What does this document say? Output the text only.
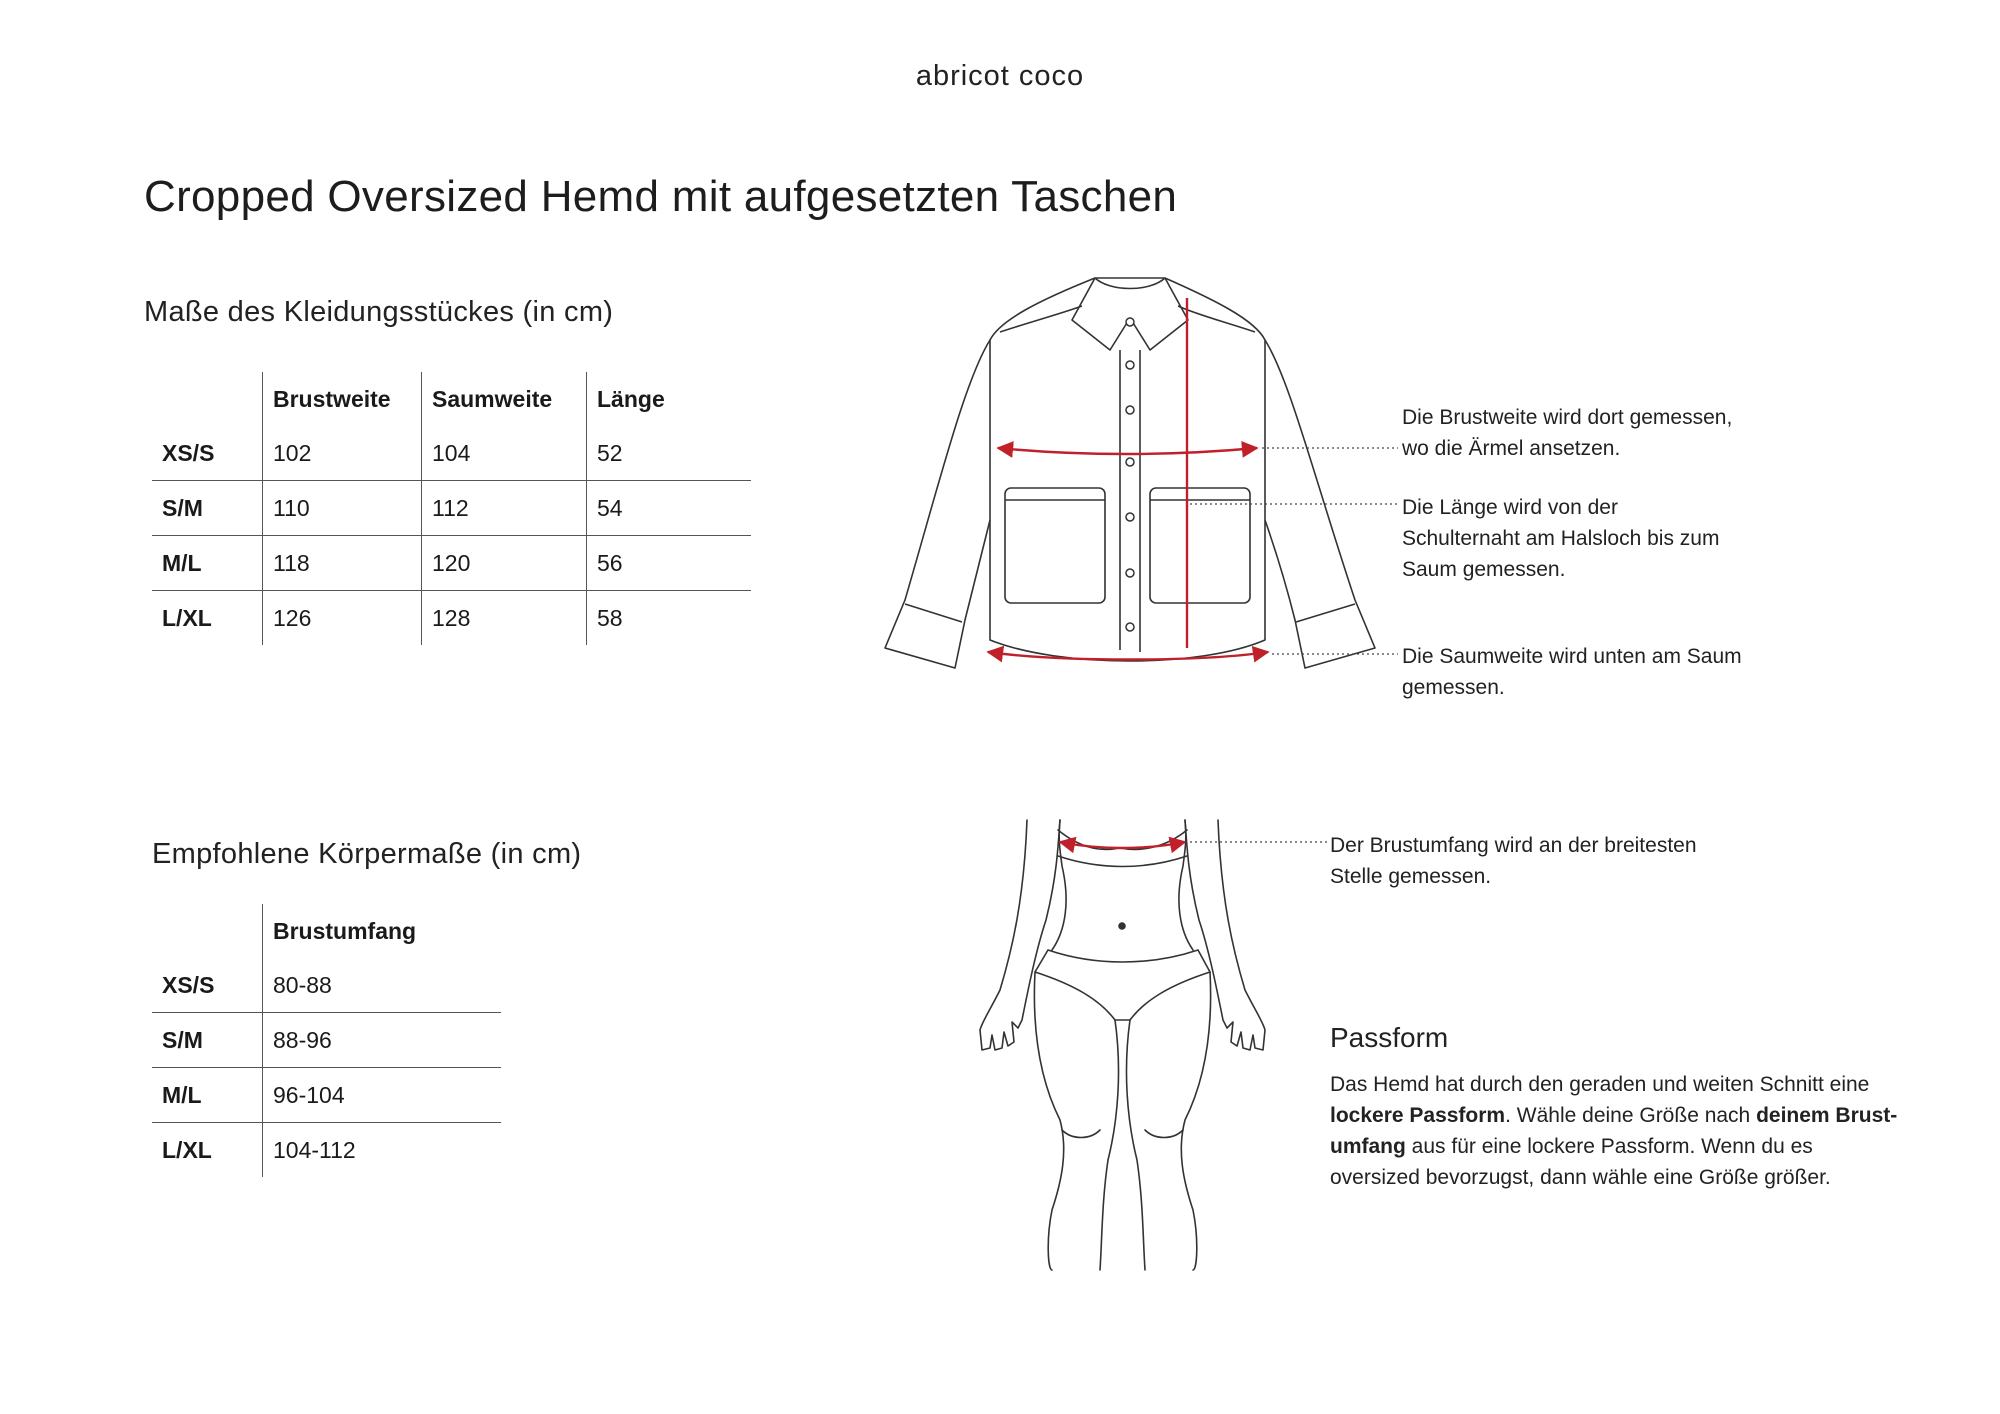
abricot coco
Cropped Oversized Hemd mit aufgesetzten Taschen
Maße des Kleidungsstückes (in cm)
	Brustweite	Saumweite	Länge
XS/S	102	104	52
S/M	110	112	54
M/L	118	120	56
L/XL	126	128	58
Empfohlene Körpermaße (in cm)
	Brustumfang
XS/S	80-88
S/M	88-96
M/L	96-104
L/XL	104-112
Die Brustweite wird dort gemessen,
wo die Ärmel ansetzen.
Die Länge wird von der
Schulternaht am Halsloch bis zum
Saum gemessen.
Die Saumweite wird unten am Saum
gemessen.
Der Brustumfang wird an der breitesten
Stelle gemessen.
Passform
Das Hemd hat durch den geraden und weiten Schnitt eine
lockere Passform. Wähle deine Größe nach deinem Brust-
umfang aus für eine lockere Passform. Wenn du es
oversized bevorzugst, dann wähle eine Größe größer.
